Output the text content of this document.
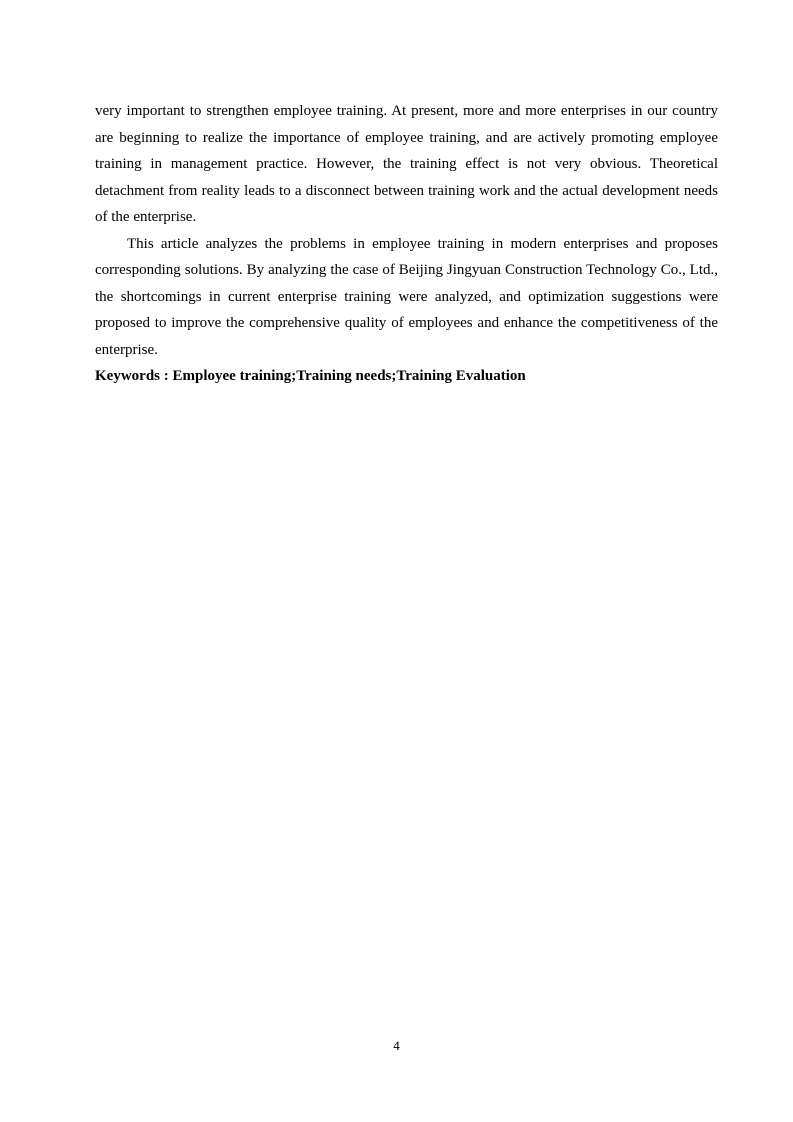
very important to strengthen employee training. At present, more and more enterprises in our country are beginning to realize the importance of employee training, and are actively promoting employee training in management practice. However, the training effect is not very obvious. Theoretical detachment from reality leads to a disconnect between training work and the actual development needs of the enterprise.

This article analyzes the problems in employee training in modern enterprises and proposes corresponding solutions. By analyzing the case of Beijing Jingyuan Construction Technology Co., Ltd., the shortcomings in current enterprise training were analyzed, and optimization suggestions were proposed to improve the comprehensive quality of employees and enhance the competitiveness of the enterprise.

Keywords : Employee training;Training needs;Training Evaluation

4
